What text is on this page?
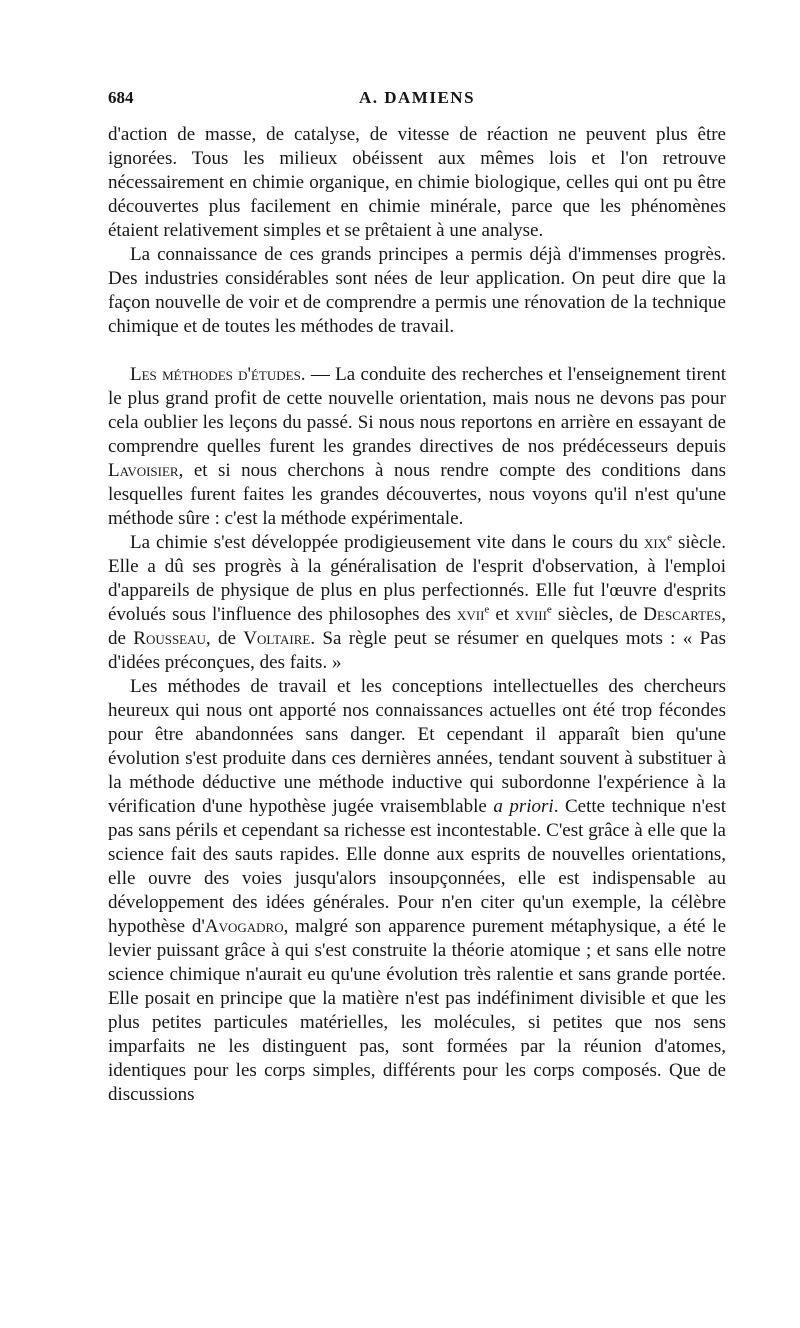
684	A. DAMIENS

d'action de masse, de catalyse, de vitesse de réaction ne peuvent plus être ignorées. Tous les milieux obéissent aux mêmes lois et l'on retrouve nécessairement en chimie organique, en chimie biologique, celles qui ont pu être découvertes plus facilement en chimie minérale, parce que les phénomènes étaient relativement simples et se prêtaient à une analyse.

La connaissance de ces grands principes a permis déjà d'immenses progrès. Des industries considérables sont nées de leur application. On peut dire que la façon nouvelle de voir et de comprendre a permis une rénovation de la technique chimique et de toutes les méthodes de travail.

Les méthodes d'études. — La conduite des recherches et l'enseignement tirent le plus grand profit de cette nouvelle orientation, mais nous ne devons pas pour cela oublier les leçons du passé. Si nous nous reportons en arrière en essayant de comprendre quelles furent les grandes directives de nos prédécesseurs depuis Lavoisier, et si nous cherchons à nous rendre compte des conditions dans lesquelles furent faites les grandes découvertes, nous voyons qu'il n'est qu'une méthode sûre : c'est la méthode expérimentale.

La chimie s'est développée prodigieusement vite dans le cours du xix$^e$ siècle. Elle a dû ses progrès à la généralisation de l'esprit d'observation, à l'emploi d'appareils de physique de plus en plus perfectionnés. Elle fut l'œuvre d'esprits évolués sous l'influence des philosophes des xvii$^e$ et xviii$^e$ siècles, de Descartes, de Rousseau, de Voltaire. Sa règle peut se résumer en quelques mots : « Pas d'idées préconçues, des faits. »

Les méthodes de travail et les conceptions intellectuelles des chercheurs heureux qui nous ont apporté nos connaissances actuelles ont été trop fécondes pour être abandonnées sans danger. Et cependant il apparaît bien qu'une évolution s'est produite dans ces dernières années, tendant souvent à substituer à la méthode déductive une méthode inductive qui subordonne l'expérience à la vérification d'une hypothèse jugée vraisemblable a priori. Cette technique n'est pas sans périls et cependant sa richesse est incontestable. C'est grâce à elle que la science fait des sauts rapides. Elle donne aux esprits de nouvelles orientations, elle ouvre des voies jusqu'alors insoupçonnées, elle est indispensable au développement des idées générales. Pour n'en citer qu'un exemple, la célèbre hypothèse d'Avogadro, malgré son apparence purement métaphysique, a été le levier puissant grâce à qui s'est construite la théorie atomique ; et sans elle notre science chimique n'aurait eu qu'une évolution très ralentie et sans grande portée. Elle posait en principe que la matière n'est pas indéfiniment divisible et que les plus petites particules matérielles, les molécules, si petites que nos sens imparfaits ne les distinguent pas, sont formées par la réunion d'atomes, identiques pour les corps simples, différents pour les corps composés. Que de discussions
